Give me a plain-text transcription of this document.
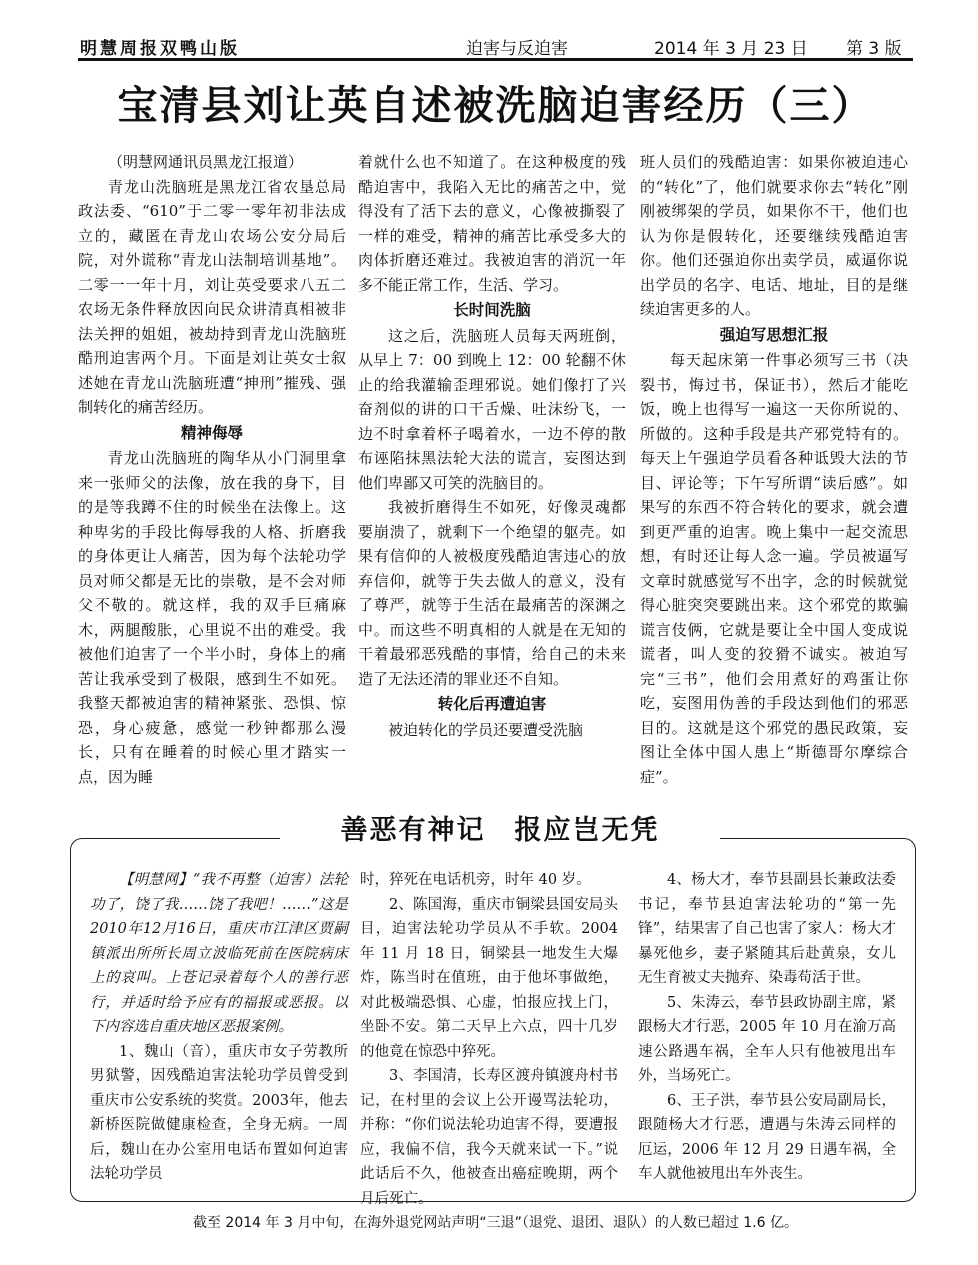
明慧周报双鸭山版	迫害与反迫害	2014 年 3 月 23 日 第 3 版
宝清县刘让英自述被洗脑迫害经历（三）

（明慧网通讯员黑龙江报道）

青龙山洗脑班是黑龙江省农垦总局政法委、“610”于二零一零年初非法成立的，藏匿在青龙山农场公安分局后院，对外谎称“青龙山法制培训基地”。二零一一年十月，刘让英受要求八五二农场无条件释放因向民众讲清真相被非法关押的姐姐，被劫持到青龙山洗脑班酷刑迫害两个月。下面是刘让英女士叙述她在青龙山洗脑班遭“抻刑”摧残、强制转化的痛苦经历。

精神侮辱

青龙山洗脑班的陶华从小门洞里拿来一张师父的法像，放在我的身下，目的是等我蹲不住的时候坐在法像上。这种卑劣的手段比侮辱我的人格、折磨我的身体更让人痛苦，因为每个法轮功学员对师父都是无比的崇敬，是不会对师父不敬的。就这样，我的双手巨痛麻木，两腿酸胀，心里说不出的难受。我被他们迫害了一个半小时，身体上的痛苦让我承受到了极限，感到生不如死。我整天都被迫害的精神紧张、恐惧、惊恐，身心疲惫，感觉一秒钟都那么漫长，只有在睡着的时候心里才踏实一点，因为睡

着就什么也不知道了。在这种极度的残酷迫害中，我陷入无比的痛苦之中，觉得没有了活下去的意义，心像被撕裂了一样的难受，精神的痛苦比承受多大的肉体折磨还难过。我被迫害的消沉一年多不能正常工作，生活、学习。

长时间洗脑

这之后，洗脑班人员每天两班倒，从早上 7：00 到晚上 12：00 轮翻不休止的给我灌输歪理邪说。她们像打了兴奋剂似的讲的口干舌燥、吐沫纷飞，一边不时拿着杯子喝着水，一边不停的散布诬陷抹黑法轮大法的谎言，妄图达到他们卑鄙又可笑的洗脑目的。

我被折磨得生不如死，好像灵魂都要崩溃了，就剩下一个绝望的躯壳。如果有信仰的人被极度残酷迫害违心的放弃信仰，就等于失去做人的意义，没有了尊严，就等于生活在最痛苦的深渊之中。而这些不明真相的人就是在无知的干着最邪恶残酷的事情，给自己的未来造了无法还清的罪业还不自知。

转化后再遭迫害

被迫转化的学员还要遭受洗脑

班人员们的残酷迫害：如果你被迫违心的“转化”了，他们就要求你去“转化”刚刚被绑架的学员，如果你不干，他们也认为你是假转化，还要继续残酷迫害你。他们还强迫你出卖学员，威逼你说出学员的名字、电话、地址，目的是继续迫害更多的人。

强迫写思想汇报

每天起床第一件事必须写三书（决裂书，悔过书，保证书），然后才能吃饭，晚上也得写一遍这一天你所说的、所做的。这种手段是共产邪党特有的。每天上午强迫学员看各种诋毁大法的节目、评论等；下午写所谓“读后感”。如果写的东西不符合转化的要求，就会遭到更严重的迫害。晚上集中一起交流思想，有时还让每人念一遍。学员被逼写文章时就感觉写不出字，念的时候就觉得心脏突突要跳出来。这个邪党的欺骗谎言伎俩，它就是要让全中国人变成说谎者，叫人变的狡猾不诚实。被迫写完“三书”，他们会用煮好的鸡蛋让你吃，妄图用伪善的手段达到他们的邪恶目的。这就是这个邪党的愚民政策，妄图让全体中国人患上“斯德哥尔摩综合症”。

善恶有神记　报应岂无凭

【明慧网】“我不再整（迫害）法轮功了，饶了我……饶了我吧！……”这是2010年12月16日，重庆市江津区贾嗣镇派出所所长周立波临死前在医院病床上的哀叫。上苍记录着每个人的善行恶行，并适时给予应有的福报或恶报。以下内容选自重庆地区恶报案例。

1、魏山（音），重庆市女子劳教所男狱警，因残酷迫害法轮功学员曾受到重庆市公安系统的奖赏。2003年，他去新桥医院做健康检查，全身无病。一周后，魏山在办公室用电话布置如何迫害法轮功学员

时，猝死在电话机旁，时年 40 岁。

2、陈国海，重庆市铜梁县国安局头目，迫害法轮功学员从不手软。2004 年 11 月 18 日，铜梁县一地发生大爆炸，陈当时在值班，由于他坏事做绝，对此极端恐惧、心虚，怕报应找上门，坐卧不安。第二天早上六点，四十几岁的他竟在惊恐中猝死。

3、李国清，长寿区渡舟镇渡舟村书记，在村里的会议上公开谩骂法轮功，并称：“你们说法轮功迫害不得，要遭报应，我偏不信，我今天就来试一下。”说此话后不久，他被查出癌症晚期，两个月后死亡。

4、杨大才，奉节县副县长兼政法委书记，奉节县迫害法轮功的“第一先锋”，结果害了自己也害了家人：杨大才暴死他乡，妻子紧随其后赴黄泉，女儿无生育被丈夫抛弃、染毒苟活于世。

5、朱涛云，奉节县政协副主席，紧跟杨大才行恶，2005 年 10 月在渝万高速公路遇车祸，全车人只有他被甩出车外，当场死亡。

6、王子洪，奉节县公安局副局长，跟随杨大才行恶，遭遇与朱涛云同样的厄运，2006 年 12 月 29 日遇车祸，全车人就他被甩出车外丧生。

截至 2014 年 3 月中旬，在海外退党网站声明“三退”（退党、退团、退队）的人数已超过 1.6 亿。
